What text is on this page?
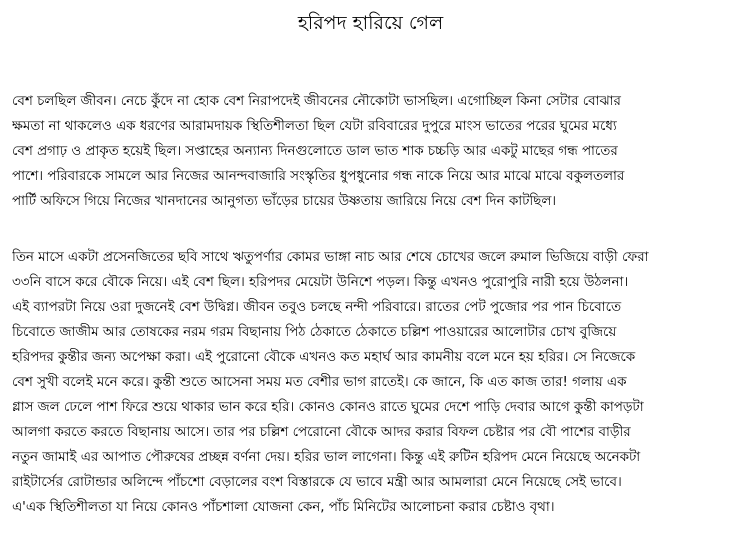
হরিপদ হারিয়ে গেল

বেশ চলছিল জীবন। নেচে কুঁদে না হোক বেশ নিরাপদেই জীবনের নৌকোটা ভাসছিল। এগোচ্ছিল কিনা সেটার বোঝার
ক্ষমতা না থাকলেও এক ধরণের আরামদায়ক স্থিতিশীলতা ছিল যেটা রবিবারের দুপুরে মাংস ভাতের পরের ঘুমের মধ্যে
বেশ প্রগাঢ় ও প্রাকৃত হয়েই ছিল। সপ্তাহের অন্যান্য দিনগুলোতে ডাল ভাত শাক চচ্চড়ি আর একটু মাছের গন্ধ পাতের
পাশে। পরিবারকে সামলে আর নিজের আনন্দবাজারি সংস্কৃতির ধুপধুনোর গন্ধ নাকে নিয়ে আর মাঝে মাঝে বকুলতলার
পার্টি অফিসে গিয়ে নিজের খানদানের আনুগত্য ভাঁড়ের চায়ের উষ্ণতায় জারিয়ে নিয়ে বেশ দিন কাটছিল।

তিন মাসে একটা প্রসেনজিতের ছবি সাথে ঋতুপর্ণার কোমর ভাঙ্গা নাচ আর শেষে চোখের জলে রুমাল ভিজিয়ে বাড়ী ফেরা
৩৩নি বাসে করে বৌকে নিয়ে। এই বেশ ছিল। হরিপদর মেয়েটা উনিশে পড়ল। কিন্তু এখনও পুরোপুরি নারী হয়ে উঠলনা।
এই ব্যাপরটা নিয়ে ওরা দুজনেই বেশ উদ্বিগ্ন। জীবন তবুও চলছে নন্দী পরিবারে। রাতের পেট পুজোর পর পান চিবোতে
চিবোতে জাজীম আর তোষকের নরম গরম বিছানায় পিঠ ঠেকাতে ঠেকাতে চল্লিশ পাওয়ারের আলোটার চোখ বুজিয়ে
হরিপদর কুন্তীর জন্য অপেক্ষা করা। এই পুরোনো বৌকে এখনও কত মহার্ঘ আর কামনীয় বলে মনে হয় হরির। সে নিজেকে
বেশ সুখী বলেই মনে করে। কুন্তী শুতে আসেনা সময় মত বেশীর ভাগ রাতেই। কে জানে, কি এত কাজ তার! গলায় এক
গ্লাস জল ঢেলে পাশ ফিরে শুয়ে থাকার ভান করে হরি। কোনও কোনও রাতে ঘুমের দেশে পাড়ি দেবার আগে কুন্তী কাপড়টা
আলগা করতে করতে বিছানায় আসে। তার পর চল্লিশ পেরোনো বৌকে আদর করার বিফল চেষ্টার পর বৌ পাশের বাড়ীর
নতুন জামাই এর আপাত পৌরুষের প্রচ্ছন্ন বর্ণনা দেয়। হরির ভাল লাগেনা। কিন্তু এই রুটিন হরিপদ মেনে নিয়েছে অনেকটা
রাইটার্সের রোটান্ডার অলিন্দে পাঁচশো বেড়ালের বংশ বিস্তারকে যে ভাবে মন্ত্রী আর আমলারা মেনে নিয়েছে সেই ভাবে।
এ'এক স্থিতিশীলতা যা নিয়ে কোনও পাঁচশালা যোজনা কেন, পাঁচ মিনিটের আলোচনা করার চেষ্টাও বৃথা।
